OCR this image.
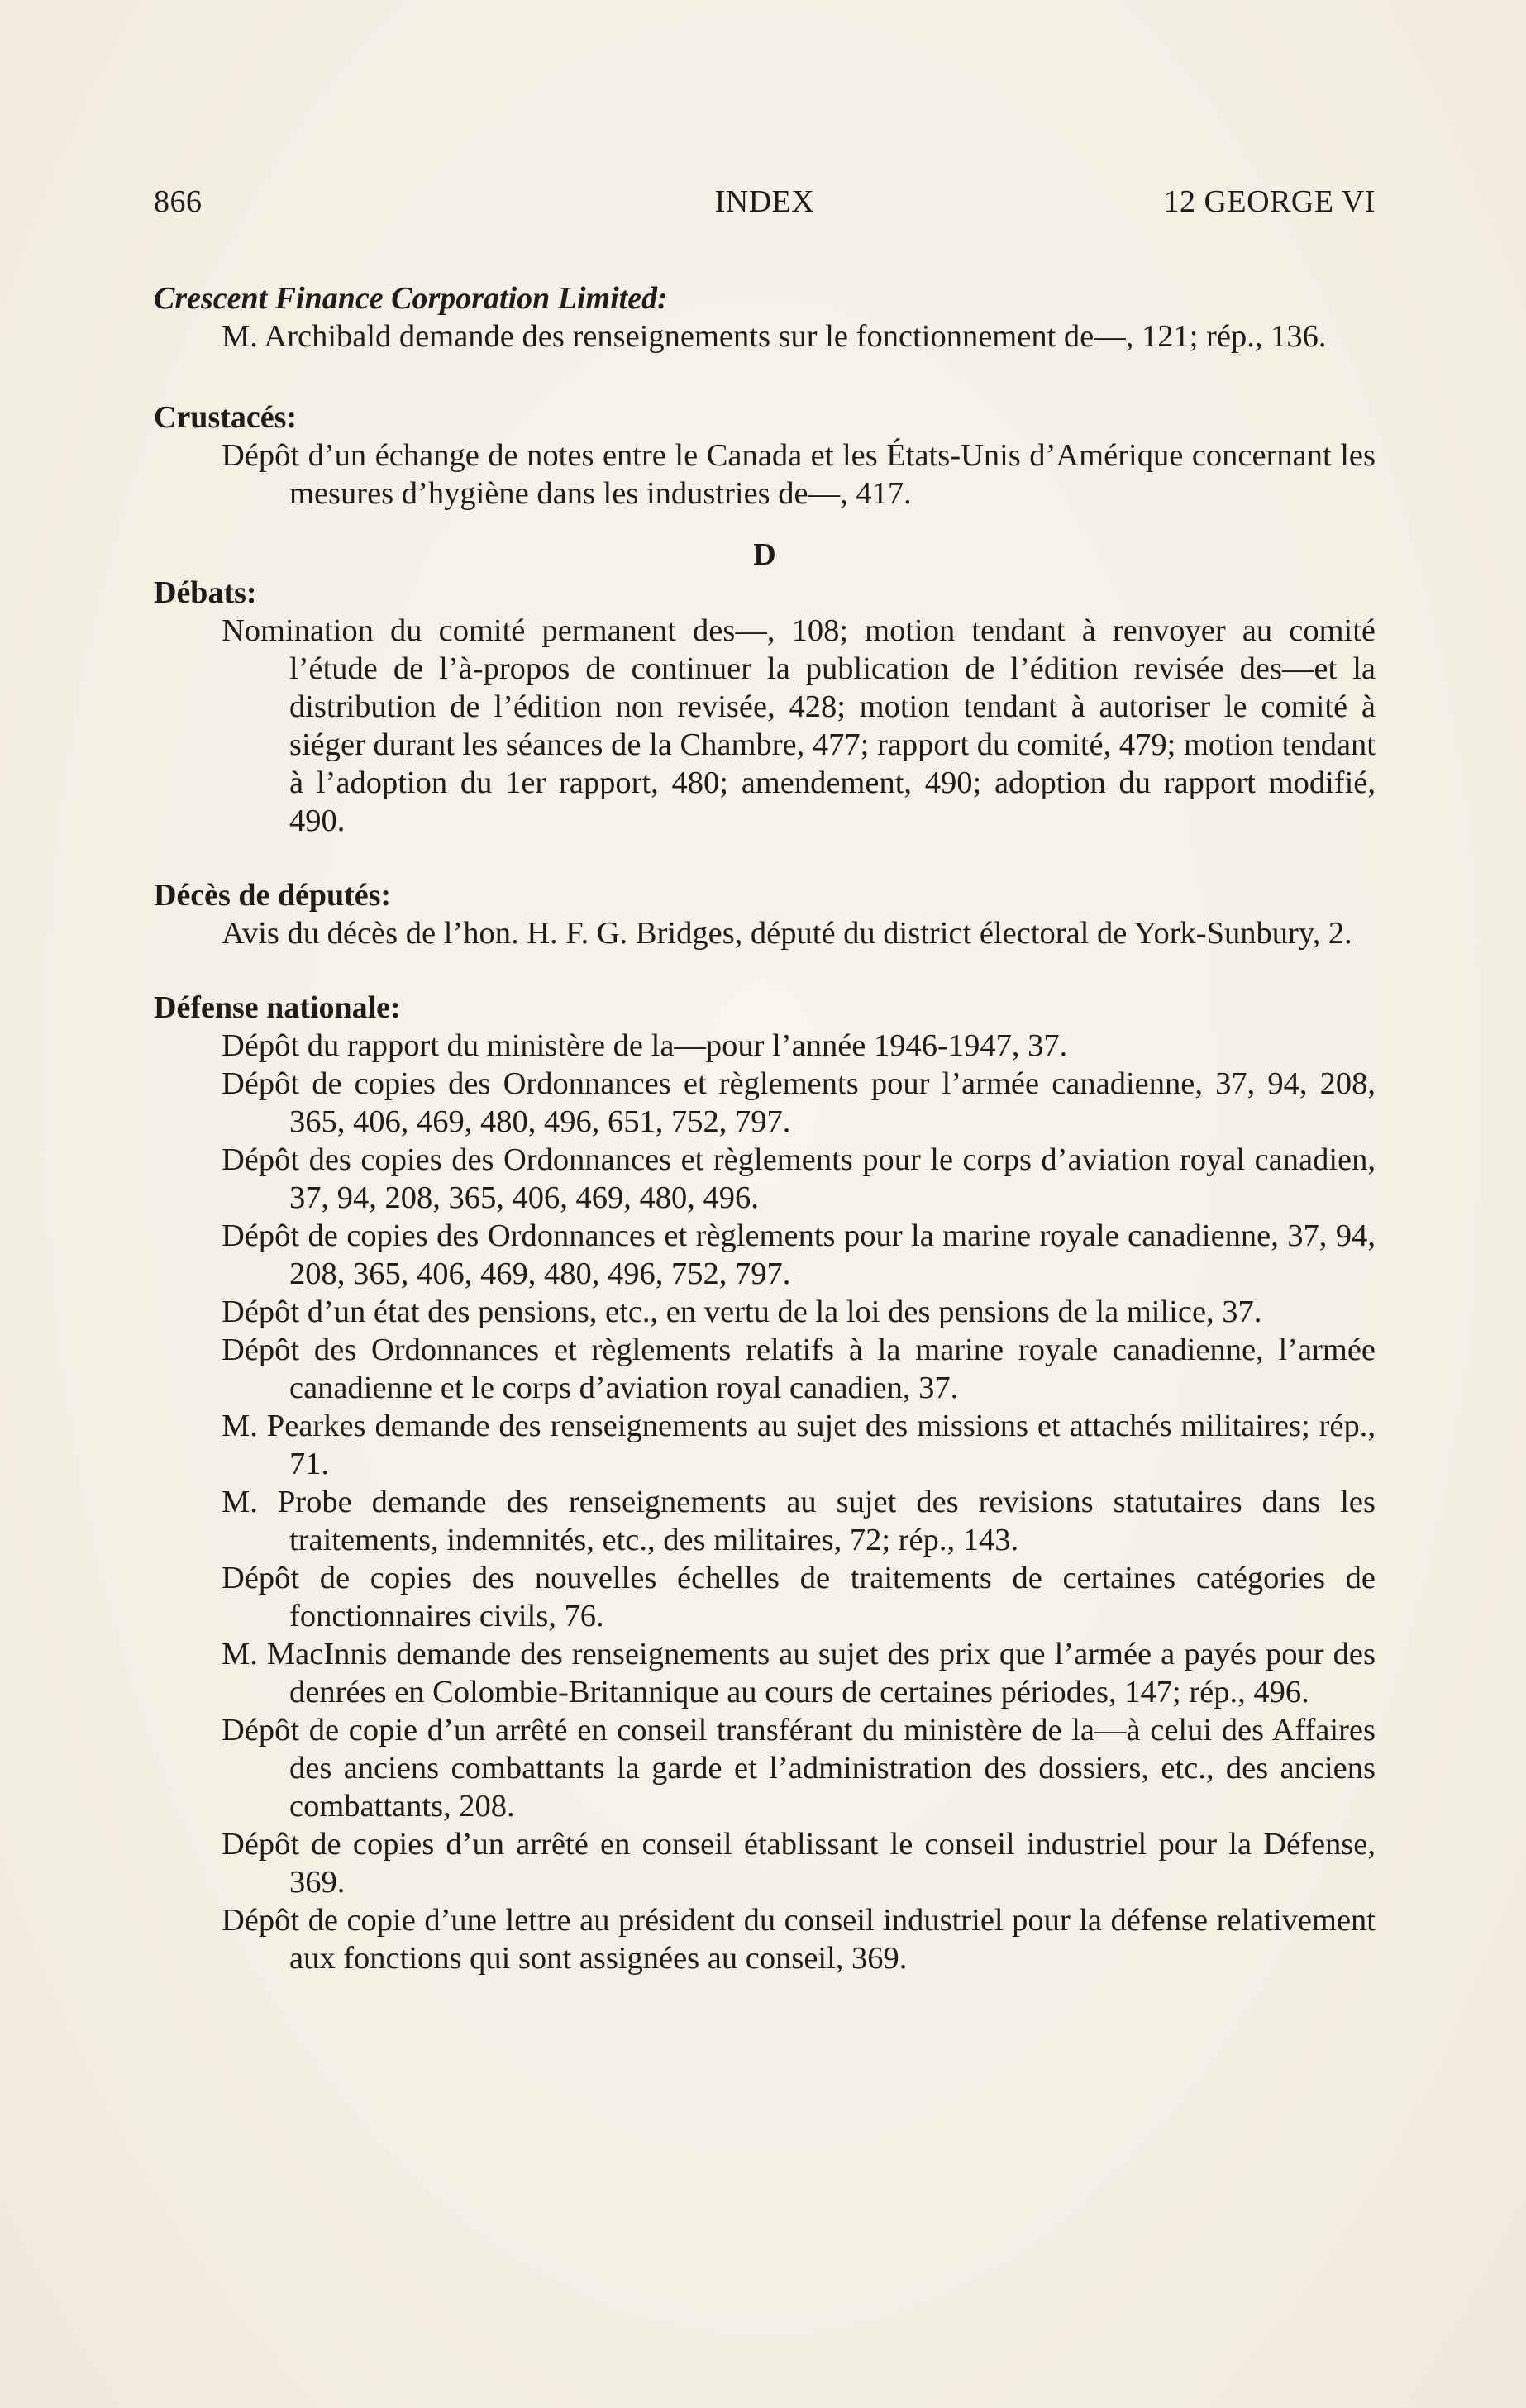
866	INDEX	12 GEORGE VI

Crescent Finance Corporation Limited:

M. Archibald demande des renseignements sur le fonctionnement de—, 121; rép., 136.

Crustacés:

Dépôt d’un échange de notes entre le Canada et les États-Unis d’Amérique concernant les mesures d’hygiène dans les industries de—, 417.

D

Débats:

Nomination du comité permanent des—, 108; motion tendant à renvoyer au comité l’étude de l’à-propos de continuer la publication de l’édition revisée des—et la distribution de l’édition non revisée, 428; motion tendant à autoriser le comité à siéger durant les séances de la Chambre, 477; rapport du comité, 479; motion tendant à l’adoption du 1er rapport, 480; amendement, 490; adoption du rapport modifié, 490.

Décès de députés:

Avis du décès de l’hon. H. F. G. Bridges, député du district électoral de York-Sunbury, 2.

Défense nationale:

Dépôt du rapport du ministère de la—pour l’année 1946-1947, 37.

Dépôt de copies des Ordonnances et règlements pour l’armée canadienne, 37, 94, 208, 365, 406, 469, 480, 496, 651, 752, 797.

Dépôt des copies des Ordonnances et règlements pour le corps d’aviation royal canadien, 37, 94, 208, 365, 406, 469, 480, 496.

Dépôt de copies des Ordonnances et règlements pour la marine royale canadienne, 37, 94, 208, 365, 406, 469, 480, 496, 752, 797.

Dépôt d’un état des pensions, etc., en vertu de la loi des pensions de la milice, 37.

Dépôt des Ordonnances et règlements relatifs à la marine royale canadienne, l’armée canadienne et le corps d’aviation royal canadien, 37.

M. Pearkes demande des renseignements au sujet des missions et attachés militaires; rép., 71.

M. Probe demande des renseignements au sujet des revisions statutaires dans les traitements, indemnités, etc., des militaires, 72; rép., 143.

Dépôt de copies des nouvelles échelles de traitements de certaines catégories de fonctionnaires civils, 76.

M. MacInnis demande des renseignements au sujet des prix que l’armée a payés pour des denrées en Colombie-Britannique au cours de certaines périodes, 147; rép., 496.

Dépôt de copie d’un arrêté en conseil transférant du ministère de la—à celui des Affaires des anciens combattants la garde et l’administration des dossiers, etc., des anciens combattants, 208.

Dépôt de copies d’un arrêté en conseil établissant le conseil industriel pour la Défense, 369.

Dépôt de copie d’une lettre au président du conseil industriel pour la défense relativement aux fonctions qui sont assignées au conseil, 369.
